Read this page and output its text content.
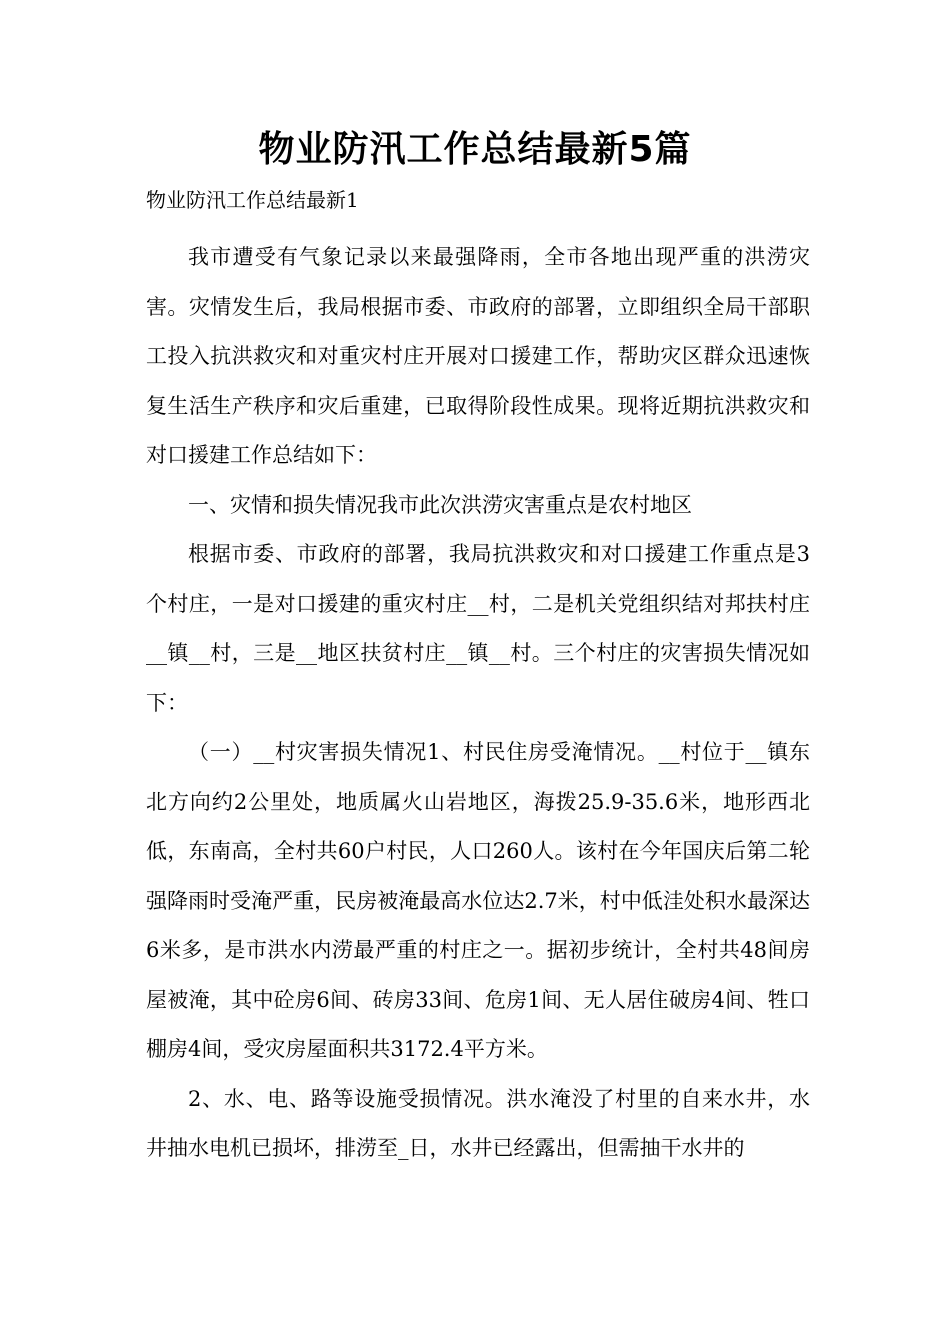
物业防汛工作总结最新5篇
物业防汛工作总结最新1

我市遭受有气象记录以来最强降雨，全市各地出现严重的洪涝灾害。灾情发生后，我局根据市委、市政府的部署，立即组织全局干部职工投入抗洪救灾和对重灾村庄开展对口援建工作，帮助灾区群众迅速恢复生活生产秩序和灾后重建，已取得阶段性成果。现将近期抗洪救灾和对口援建工作总结如下：

一、灾情和损失情况我市此次洪涝灾害重点是农村地区

根据市委、市政府的部署，我局抗洪救灾和对口援建工作重点是3个村庄，一是对口援建的重灾村庄__村，二是机关党组织结对邦扶村庄__镇__村，三是__地区扶贫村庄__镇__村。三个村庄的灾害损失情况如下：

（一）__村灾害损失情况1、村民住房受淹情况。__村位于__镇东北方向约2公里处，地质属火山岩地区，海拨25.9-35.6米，地形西北低，东南高，全村共60户村民，人口260人。该村在今年国庆后第二轮强降雨时受淹严重，民房被淹最高水位达2.7米，村中低洼处积水最深达6米多，是市洪水内涝最严重的村庄之一。据初步统计，全村共48间房屋被淹，其中砼房6间、砖房33间、危房1间、无人居住破房4间、牲口棚房4间，受灾房屋面积共3172.4平方米。

2、水、电、路等设施受损情况。洪水淹没了村里的自来水井，水井抽水电机已损坏，排涝至_日，水井已经露出，但需抽干水井的
